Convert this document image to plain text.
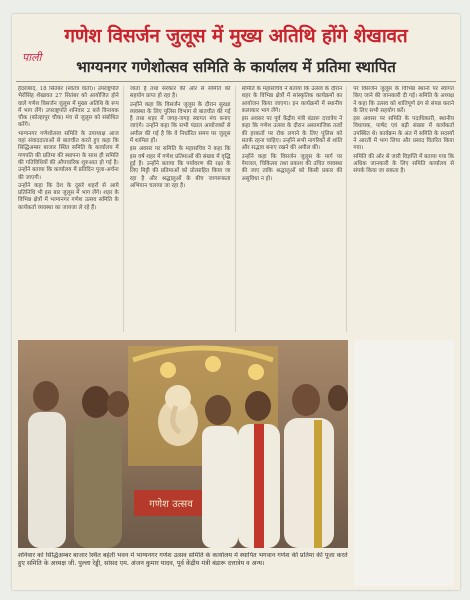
गणेश विसर्जन जुलूस में मुख्य अतिथि होंगे शेखावत
पाली
भाग्यनगर गणेशोत्सव समिति के कार्यालय में प्रतिमा स्थापित

हैदराबाद, 18 सितंबर (स्वतंत्र वार्ता)। उपराष्ट्रपति भैरोंसिंह शेखावत 27 सितंबर को आयोजित होने वाले गणेश विसर्जन जुलूस में मुख्य अतिथि के रूप में भाग लेंगे। उपराष्ट्रपति शनिवार 2 बजे विनायक चौक (कोल्हापुर चौक) मंच से जुलूस को संबोधित करेंगे।

भाग्यनगर गणेशोत्सव समिति के उपाध्यक्ष आज यहां संवाददाताओं से बातचीत करते हुए कहा कि सिद्धिअम्बर बाजार स्थित समिति के कार्यालय में गणपति की प्रतिमा की स्थापना के साथ ही समिति की गतिविधियों की औपचारिक शुरुआत हो गई है। उन्होंने बताया कि कार्यालय में प्रतिदिन पूजा-अर्चना की जाएगी।

उन्होंने कहा कि देश के दूसरे शहरों से आये प्रतिनिधि भी इस बार जुलूस में भाग लेंगे। शहर के विभिन्न क्षेत्रों में भाग्यनगर गणेश उत्सव समिति के कार्यकर्ता व्यवस्था का जायजा ले रहे हैं।

जाता है तथा सरकार की ओर से समिति को सहयोग प्राप्त हो रहा है।

उन्होंने कहा कि विसर्जन जुलूस के दौरान सुरक्षा व्यवस्था के लिए पुलिस विभाग से बातचीत की गई है तथा शहर में जगह-जगह स्वागत मंच बनाए जाएंगे। उन्होंने कहा कि सभी पंडाल आयोजकों से अपील की गई है कि वे निर्धारित समय पर जुलूस में शामिल हों।

इस अवसर पर समिति के महासचिव ने कहा कि इस वर्ष शहर में गणेश प्रतिमाओं की संख्या में वृद्धि हुई है। उन्होंने बताया कि पर्यावरण की रक्षा के लिए मिट्टी की प्रतिमाओं को प्रोत्साहित किया जा रहा है और श्रद्धालुओं के बीच जागरूकता अभियान चलाया जा रहा है।

समिति के महासचिव ने बताया कि उत्सव के दौरान शहर के विभिन्न क्षेत्रों में सांस्कृतिक कार्यक्रमों का आयोजन किया जाएगा। इन कार्यक्रमों में स्थानीय कलाकार भाग लेंगे।

इस अवसर पर पूर्व केंद्रीय मंत्री बंडारू दत्तात्रेय ने कहा कि गणेश उत्सव के दौरान असामाजिक तत्वों की हरकतों पर रोक लगाने के लिए पुलिस को सतर्क रहना चाहिए। उन्होंने सभी नागरिकों से शांति और सद्भाव बनाए रखने की अपील की।

उन्होंने कहा कि विसर्जन जुलूस के मार्ग पर पेयजल, चिकित्सा तथा प्रकाश की उचित व्यवस्था की जाए ताकि श्रद्धालुओं को किसी प्रकार की असुविधा न हो।

पर विसर्जन जुलूस के विभिन्न स्थानों पर स्वागत किए जाने की जानकारी दी गई। समिति के अध्यक्ष ने कहा कि उत्सव को शांतिपूर्ण ढंग से संपन्न कराने के लिए सभी सहयोग करें।

इस अवसर पर समिति के पदाधिकारी, स्थानीय विधायक, पार्षद एवं बड़ी संख्या में कार्यकर्ता उपस्थित थे। कार्यक्रम के अंत में समिति के सदस्यों ने आरती में भाग लिया और प्रसाद वितरित किया गया।

समिति की ओर से जारी विज्ञप्ति में बताया गया कि अधिक जानकारी के लिए समिति कार्यालय से संपर्क किया जा सकता है।

गणेश उत्सव
शनिवार को सिद्धिअम्बर बाजार स्थित बहेती भवन में भाग्यनगर गणेश उत्सव समिति के कार्यालय में स्थापित भगवान गणेश की प्रतिमा की पूजा करते हुए समिति के अध्यक्ष जी. पुल्ला रेड्डी, सांसद एम. अंजन कुमार यादव, पूर्व केंद्रीय मंत्री बंडारू दत्तात्रेय व अन्य।
